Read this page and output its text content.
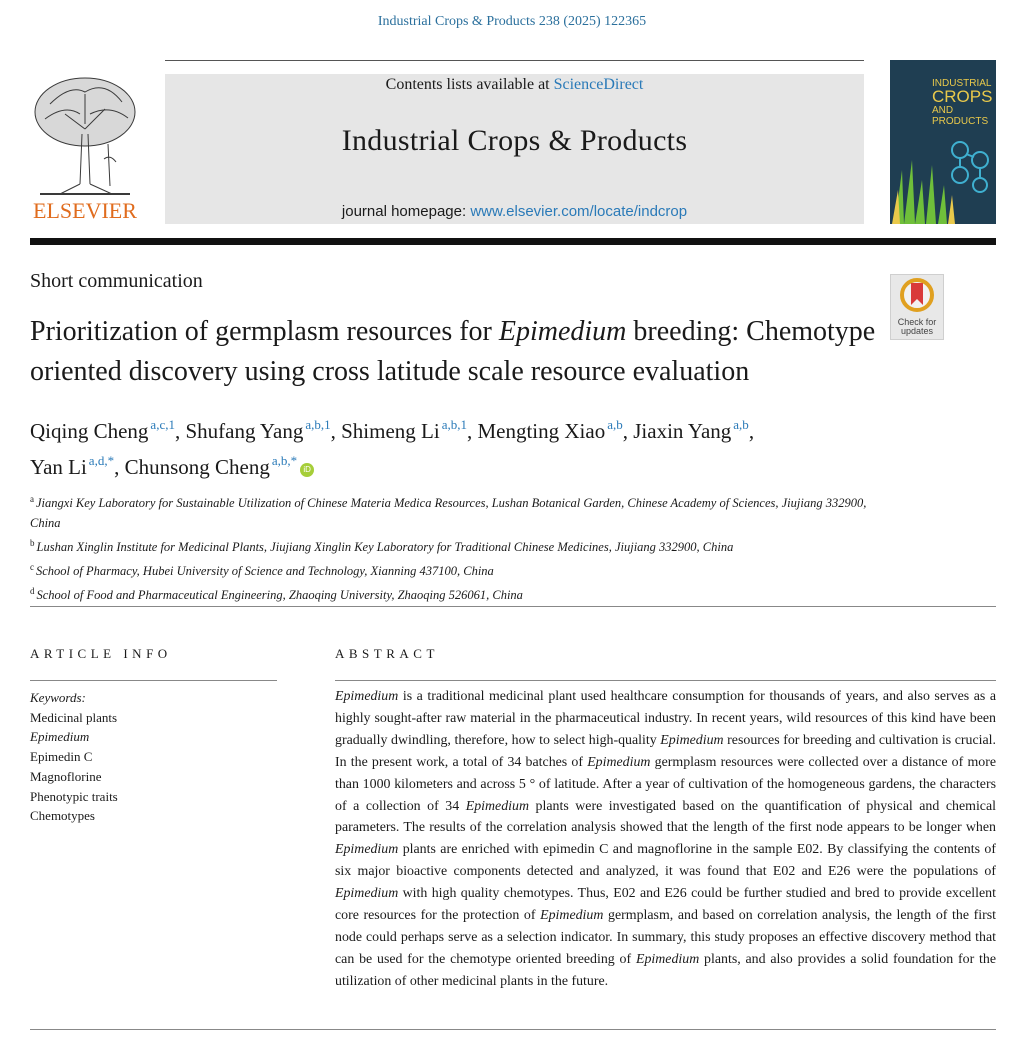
Industrial Crops & Products 238 (2025) 122365
ELSEVIER
Contents lists available at ScienceDirect
Industrial Crops & Products
journal homepage: www.elsevier.com/locate/indcrop
INDUSTRIAL
CROPS
AND PRODUCTS
Short communication
Check for updates
Prioritization of germplasm resources for Epimedium breeding: Chemotype oriented discovery using cross latitude scale resource evaluation
Qiqing Cheng $^{a,c,1}$, Shufang Yang $^{a,b,1}$, Shimeng Li $^{a,b,1}$, Mengting Xiao $^{a,b}$, Jiaxin Yang $^{a,b}$,
Yan Li $^{a,d,*}$, Chunsong Cheng $^{a,b,*}$iD
$^a$ Jiangxi Key Laboratory for Sustainable Utilization of Chinese Materia Medica Resources, Lushan Botanical Garden, Chinese Academy of Sciences, Jiujiang 332900, China
$^b$ Lushan Xinglin Institute for Medicinal Plants, Jiujiang Xinglin Key Laboratory for Traditional Chinese Medicines, Jiujiang 332900, China
$^c$ School of Pharmacy, Hubei University of Science and Technology, Xianning 437100, China
$^d$ School of Food and Pharmaceutical Engineering, Zhaoqing University, Zhaoqing 526061, China
ARTICLE INFO
Keywords:
Medicinal plants
Epimedium
Epimedin C
Magnoflorine
Phenotypic traits
Chemotypes
ABSTRACT
Epimedium is a traditional medicinal plant used healthcare consumption for thousands of years, and also serves as a highly sought-after raw material in the pharmaceutical industry. In recent years, wild resources of this kind have been gradually dwindling, therefore, how to select high-quality Epimedium resources for breeding and cultivation is crucial. In the present work, a total of 34 batches of Epimedium germplasm resources were collected over a distance of more than 1000 kilometers and across 5 ° of latitude. After a year of cultivation of the homogeneous gardens, the characters of a collection of 34 Epimedium plants were investigated based on the quantification of physical and chemical parameters. The results of the correlation analysis showed that the length of the first node appears to be longer when Epimedium plants are enriched with epimedin C and magnoflorine in the sample E02. By classifying the contents of six major bioactive components detected and analyzed, it was found that E02 and E26 were the populations of Epimedium with high quality chemotypes. Thus, E02 and E26 could be further studied and bred to provide excellent core resources for the protection of Epimedium germplasm, and based on correlation analysis, the length of the first node could perhaps serve as a selection indicator. In summary, this study proposes an effective discovery method that can be used for the chemotype oriented breeding of Epimedium plants, and also provides a solid foundation for the utilization of other medicinal plants in the future.
